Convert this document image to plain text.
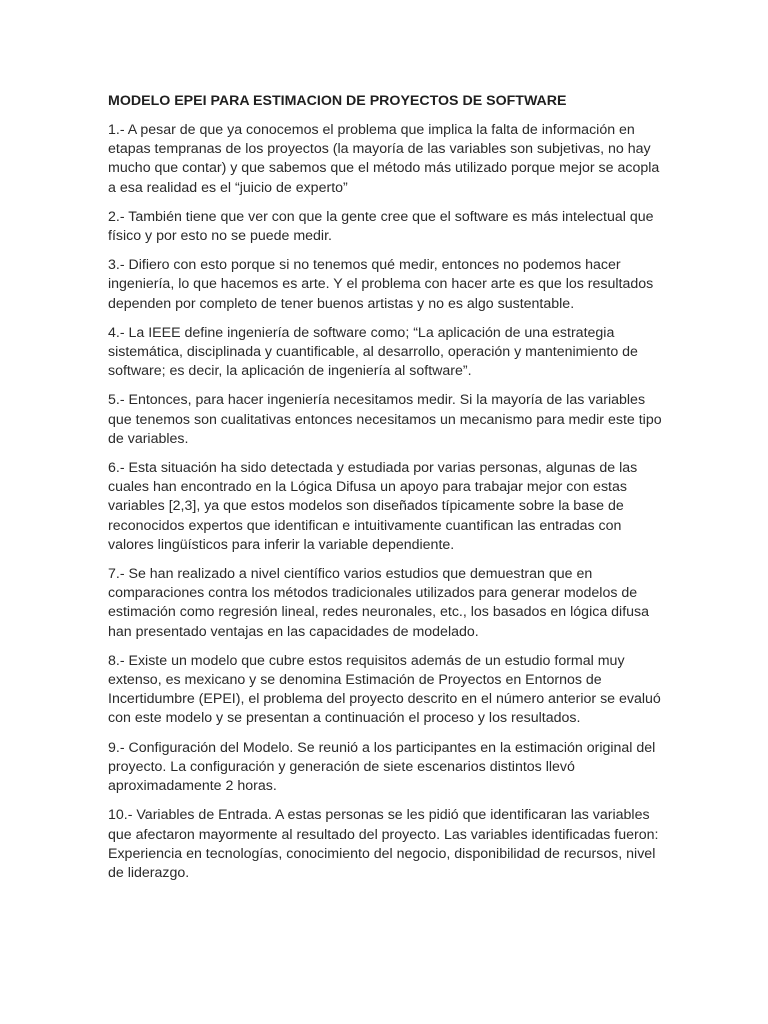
MODELO EPEI PARA ESTIMACION DE PROYECTOS DE SOFTWARE

1.- A pesar de que ya conocemos el problema que implica la falta de información en etapas tempranas de los proyectos (la mayoría de las variables son subjetivas, no hay mucho que contar) y que sabemos que el método más utilizado porque mejor se acopla a esa realidad es el “juicio de experto”

2.- También tiene que ver con que la gente cree que el software es más intelectual que físico y por esto no se puede medir.

3.- Difiero con esto porque si no tenemos qué medir, entonces no podemos hacer ingeniería, lo que hacemos es arte. Y el problema con hacer arte es que los resultados dependen por completo de tener buenos artistas y no es algo sustentable.

4.- La IEEE define ingeniería de software como; “La aplicación de una estrategia sistemática, disciplinada y cuantificable, al desarrollo, operación y mantenimiento de software; es decir, la aplicación de ingeniería al software”.

5.- Entonces, para hacer ingeniería necesitamos medir. Si la mayoría de las variables que tenemos son cualitativas entonces necesitamos un mecanismo para medir este tipo de variables.

6.- Esta situación ha sido detectada y estudiada por varias personas, algunas de las cuales han encontrado en la Lógica Difusa un apoyo para trabajar mejor con estas variables [2,3], ya que estos modelos son diseñados típicamente sobre la base de reconocidos expertos que identifican e intuitivamente cuantifican las entradas con valores lingüísticos para inferir la variable dependiente.

7.- Se han realizado a nivel científico varios estudios que demuestran que en comparaciones contra los métodos tradicionales utilizados para generar modelos de estimación como regresión lineal, redes neuronales, etc., los basados en lógica difusa han presentado ventajas en las capacidades de modelado.

8.- Existe un modelo que cubre estos requisitos además de un estudio formal muy extenso, es mexicano y se denomina Estimación de Proyectos en Entornos de Incertidumbre (EPEI), el problema del proyecto descrito en el número anterior se evaluó con este modelo y se presentan a continuación el proceso y los resultados.

9.- Configuración del Modelo. Se reunió a los participantes en la estimación original del proyecto. La configuración y generación de siete escenarios distintos llevó aproximadamente 2 horas.

10.- Variables de Entrada. A estas personas se les pidió que identificaran las variables que afectaron mayormente al resultado del proyecto. Las variables identificadas fueron: Experiencia en tecnologías, conocimiento del negocio, disponibilidad de recursos, nivel de liderazgo.
